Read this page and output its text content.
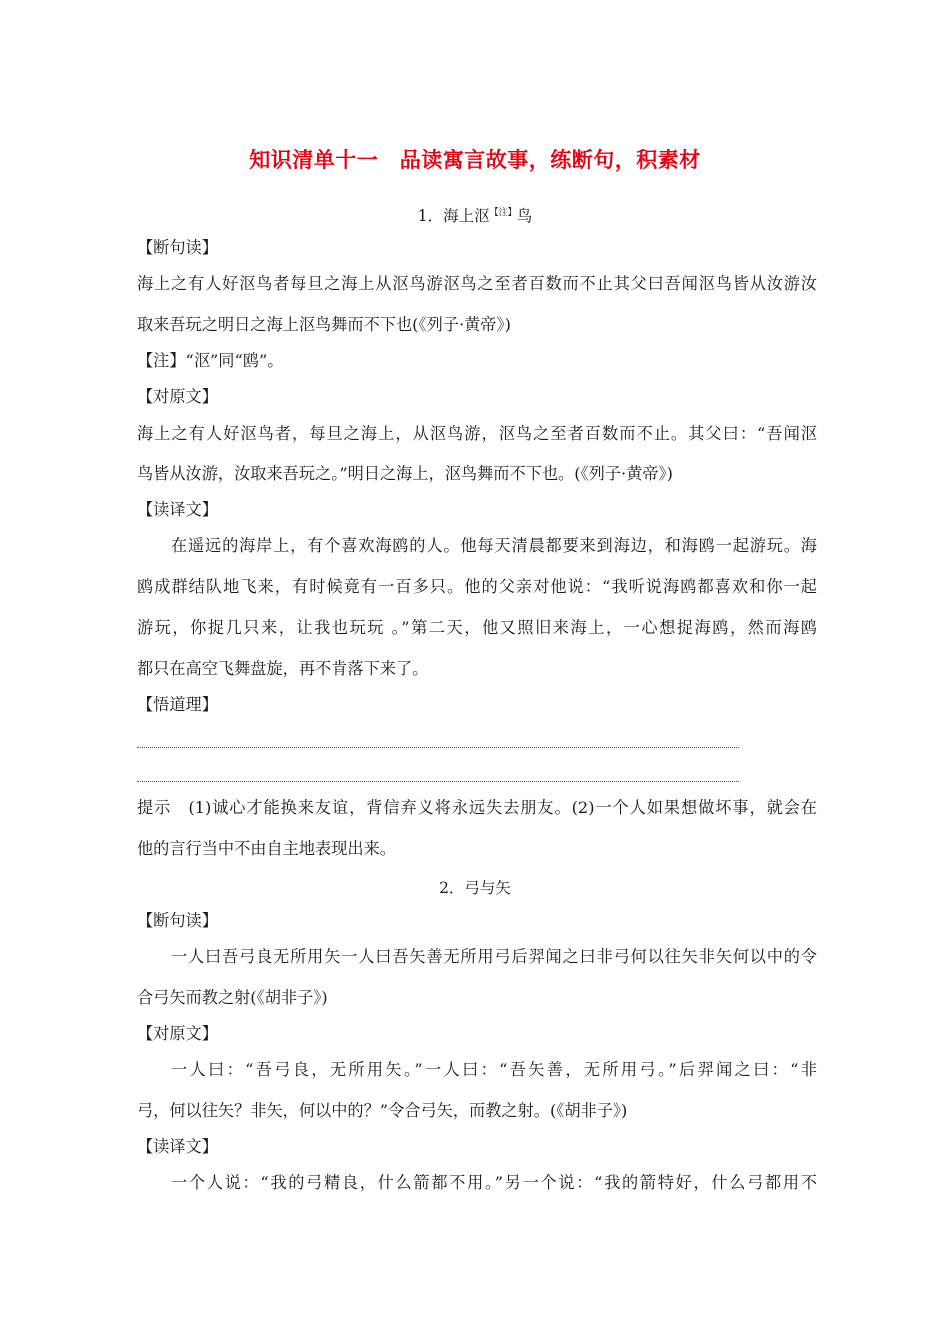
知识清单十一　品读寓言故事，练断句，积素材
1．海上沤$^{【注】}$鸟
【断句读】
海上之有人好沤鸟者每旦之海上从沤鸟游沤鸟之至者百数而不止其父曰吾闻沤鸟皆从汝游汝
取来吾玩之明日之海上沤鸟舞而不下也(《列子·黄帝》)
【注】“沤”同“鸥”。
【对原文】
海上之有人好沤鸟者，每旦之海上，从沤鸟游，沤鸟之至者百数而不止。其父曰：“吾闻沤
鸟皆从汝游，汝取来吾玩之。”明日之海上，沤鸟舞而不下也。(《列子·黄帝》)
【读译文】
在遥远的海岸上，有个喜欢海鸥的人。他每天清晨都要来到海边，和海鸥一起游玩。海
鸥成群结队地飞来，有时候竟有一百多只。他的父亲对他说：“我听说海鸥都喜欢和你一起
游玩，你捉几只来，让我也玩玩 。”第二天，他又照旧来海上，一心想捉海鸥，然而海鸥
都只在高空飞舞盘旋，再不肯落下来了。
【悟道理】
提示　(1)诚心才能换来友谊，背信弃义将永远失去朋友。(2)一个人如果想做坏事，就会在
他的言行当中不由自主地表现出来。
2．弓与矢
【断句读】
一人曰吾弓良无所用矢一人曰吾矢善无所用弓后羿闻之曰非弓何以往矢非矢何以中的令
合弓矢而教之射(《胡非子》)
【对原文】
一人曰：“吾弓良，无所用矢。”一人曰：“吾矢善，无所用弓。”后羿闻之曰：“非
弓，何以往矢？非矢，何以中的？”令合弓矢，而教之射。(《胡非子》)
【读译文】
一个人说：“我的弓精良，什么箭都不用。”另一个说：“我的箭特好，什么弓都用不
